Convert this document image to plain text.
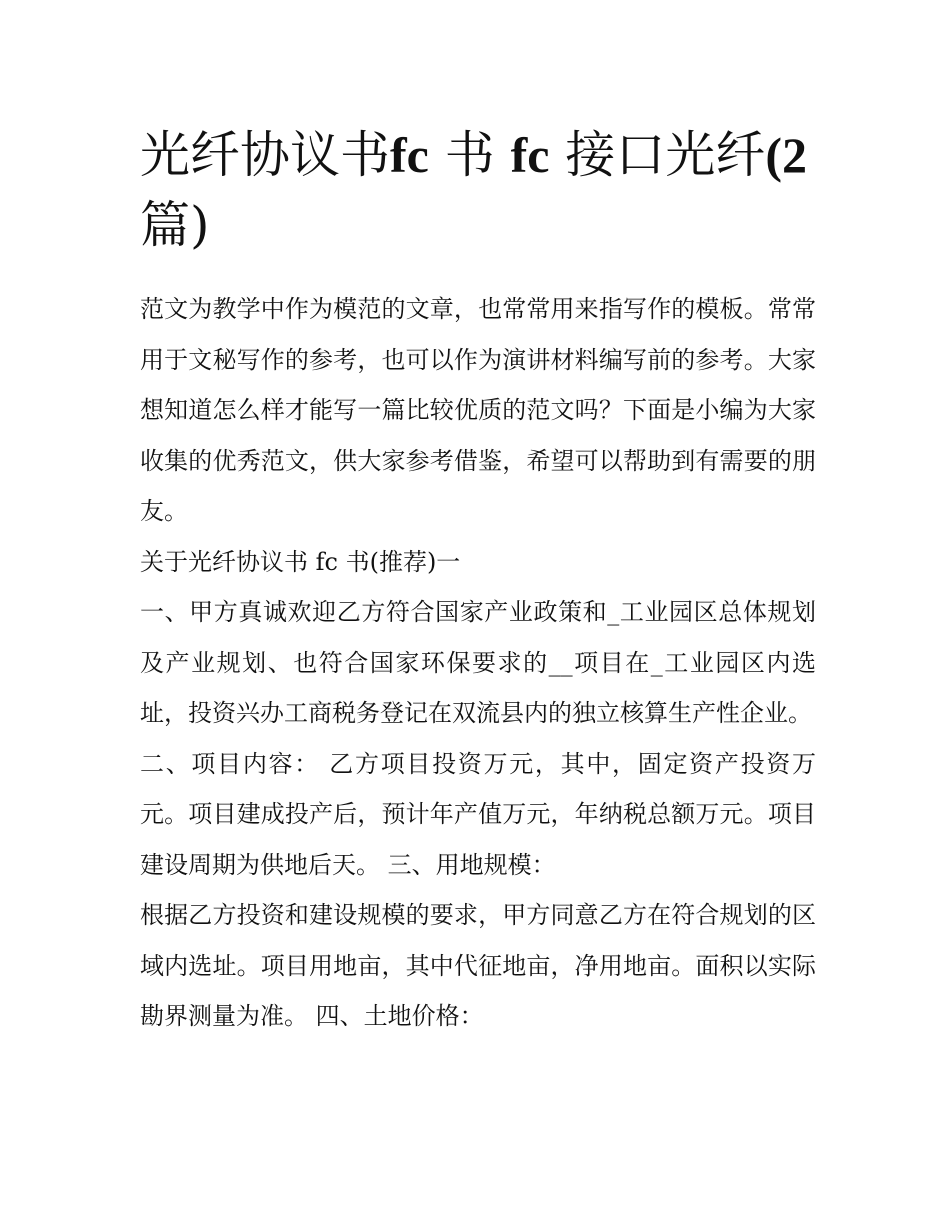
光纤协议书fc 书 fc 接口光纤(2
篇)

范文为教学中作为模范的文章，也常常用来指写作的模板。常常用于文秘写作的参考，也可以作为演讲材料编写前的参考。大家想知道怎么样才能写一篇比较优质的范文吗？下面是小编为大家收集的优秀范文，供大家参考借鉴，希望可以帮助到有需要的朋友。

关于光纤协议书 fc 书(推荐)一

一、甲方真诚欢迎乙方符合国家产业政策和_工业园区总体规划及产业规划、也符合国家环保要求的__项目在_工业园区内选址，投资兴办工商税务登记在双流县内的独立核算生产性企业。

二、项目内容： 乙方项目投资万元，其中，固定资产投资万元。项目建成投产后，预计年产值万元，年纳税总额万元。项目建设周期为供地后天。 三、用地规模：

根据乙方投资和建设规模的要求，甲方同意乙方在符合规划的区域内选址。项目用地亩，其中代征地亩，净用地亩。面积以实际勘界测量为准。 四、土地价格：
